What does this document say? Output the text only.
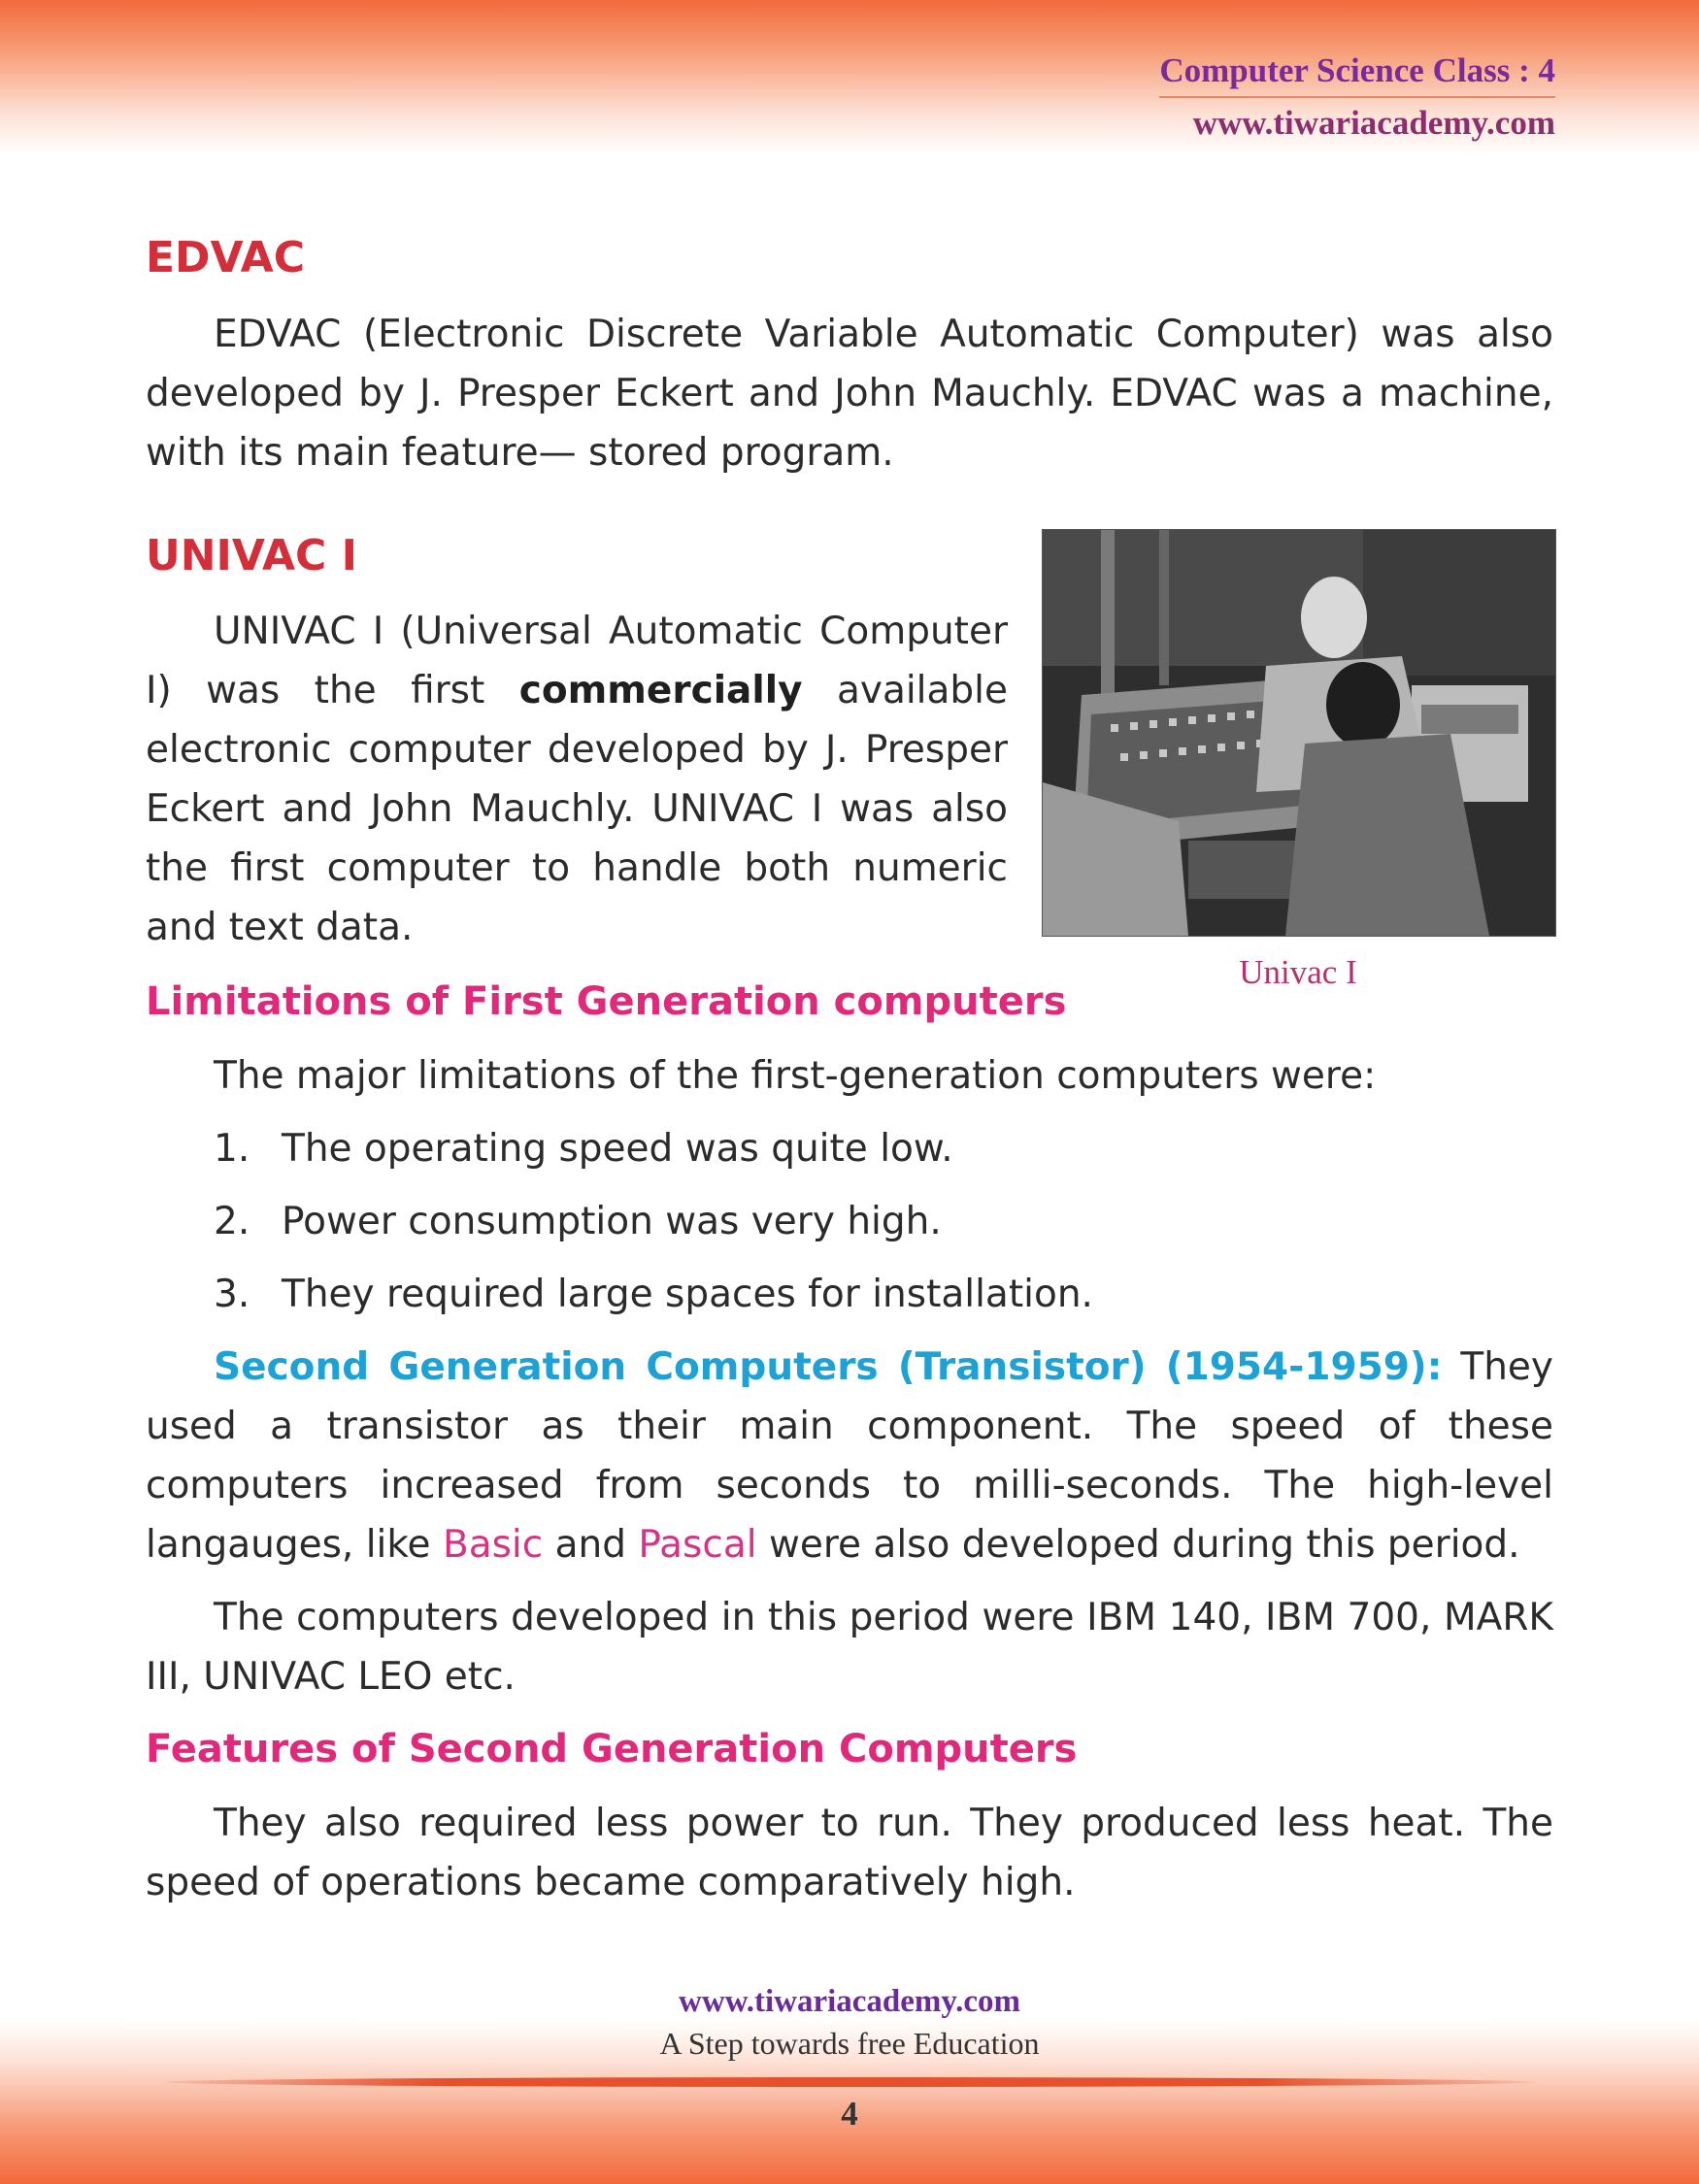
Computer Science Class : 4
www.tiwariacademy.com
EDVAC

EDVAC (Electronic Discrete Variable Automatic Computer) was also developed by J. Presper Eckert and John Mauchly. EDVAC was a machine, with its main feature— stored program.

UNIVAC I

UNIVAC I (Universal Automatic Computer I) was the first commercially available electronic computer developed by J. Presper Eckert and John Mauchly. UNIVAC I was also the first computer to handle both numeric and text data.

Univac I
Limitations of First Generation computers

The major limitations of the first-generation computers were:

1. The operating speed was quite low.
2. Power consumption was very high.
3. They required large spaces for installation.

Second Generation Computers (Transistor) (1954-1959): They used a transistor as their main component. The speed of these computers increased from seconds to milli-seconds. The high-level langauges, like Basic and Pascal were also developed during this period.

The computers developed in this period were IBM 140, IBM 700, MARK III, UNIVAC LEO etc.

Features of Second Generation Computers

They also required less power to run. They produced less heat. The speed of operations became comparatively high.

www.tiwariacademy.com
A Step towards free Education
4
